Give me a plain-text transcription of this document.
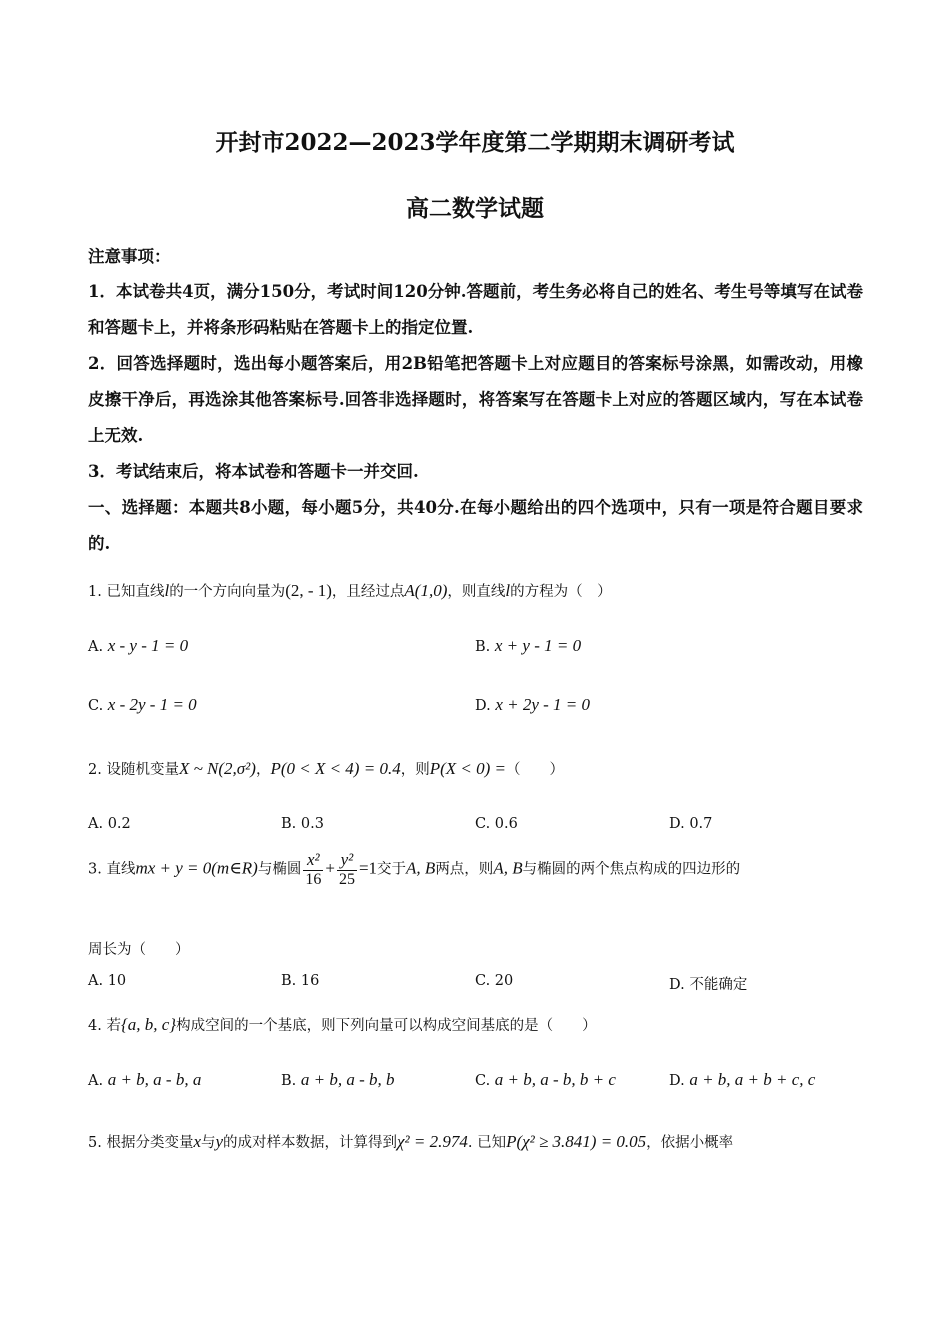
开封市2022—2023学年度第二学期期末调研考试
高二数学试题
注意事项：
1．本试卷共4页，满分150分，考试时间120分钟.答题前，考生务必将自己的姓名、考生号等填写在试卷和答题卡上，并将条形码粘贴在答题卡上的指定位置.
2．回答选择题时，选出每小题答案后，用2B铅笔把答题卡上对应题目的答案标号涂黑，如需改动，用橡皮擦干净后，再选涂其他答案标号.回答非选择题时，将答案写在答题卡上对应的答题区域内，写在本试卷上无效.
3．考试结束后，将本试卷和答题卡一并交回.
一、选择题：本题共8小题，每小题5分，共40分.在每小题给出的四个选项中，只有一项是符合题目要求的.
1. 已知直线l的一个方向向量为(2, - 1)，且经过点A(1,0)，则直线l的方程为（　）
A. x - y - 1 = 0	B. x + y - 1 = 0
C. x - 2y - 1 = 0	D. x + 2y - 1 = 0
2. 设随机变量X ~ N(2,σ²)，P(0 < X < 4) = 0.4，则P(X < 0) =（　　）
A. 0.2	B. 0.3	C. 0.6	D. 0.7
3. 直线mx + y = 0(m∈R)与椭圆 $\frac{\text{x²}}{16} + \frac{\text{y²}}{25} =1$交于A, B两点，则A, B与椭圆的两个焦点构成的四边形的
周长为（　　）
A. 10	B. 16	C. 20	D. 不能确定
4. 若{a, b, c}构成空间的一个基底，则下列向量可以构成空间基底的是（　　）
A. a + b, a - b, a	B. a + b, a - b, b	C. a + b, a - b, b + c	D. a + b, a + b + c, c
5. 根据分类变量x与y的成对样本数据，计算得到χ² = 2.974. 已知P(χ² ≥ 3.841) = 0.05，依据小概率
